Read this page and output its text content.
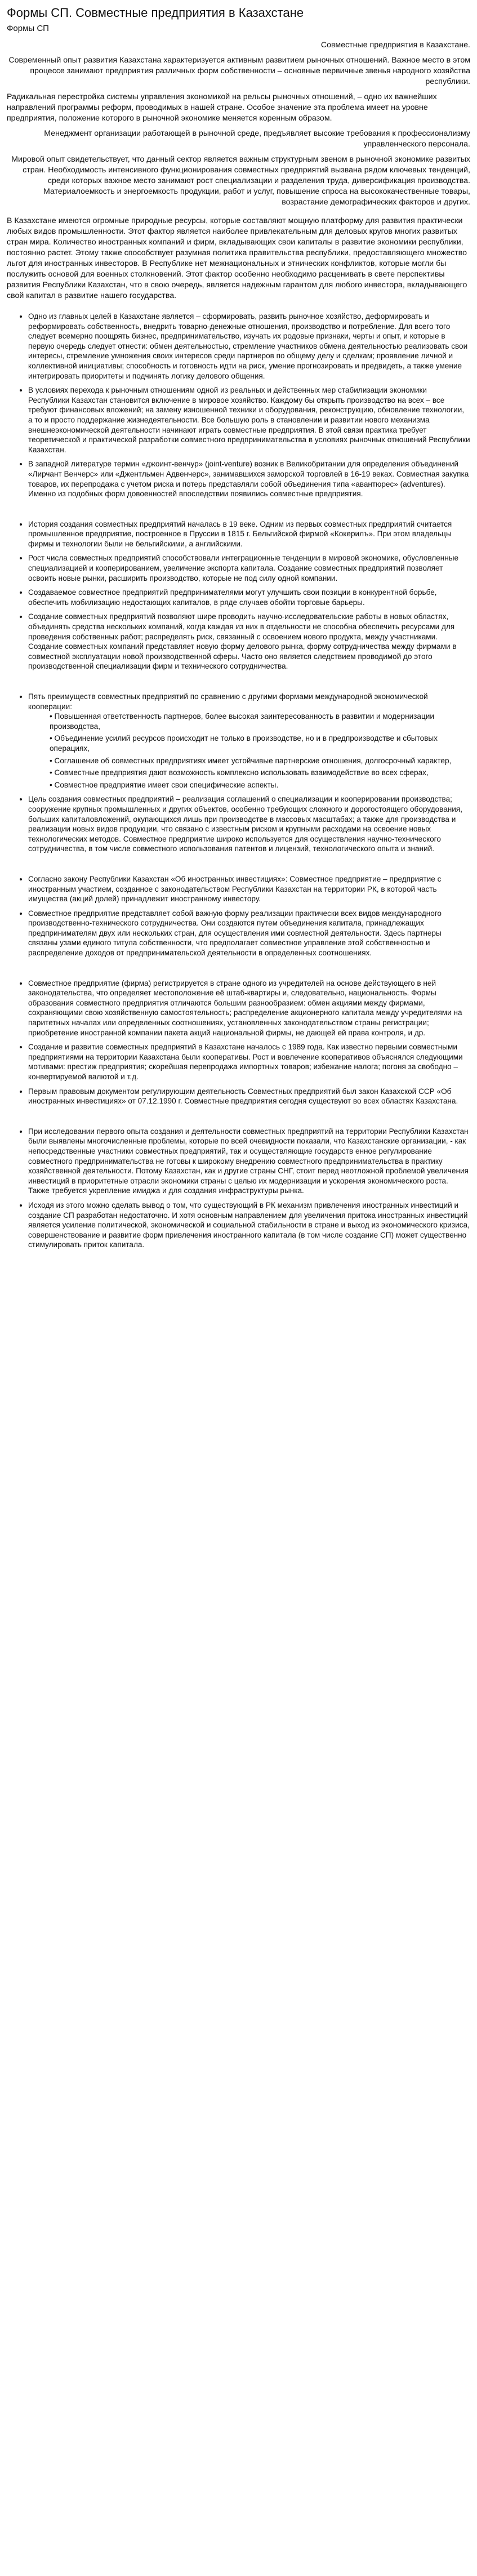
Формы СП. Совместные предприятия в Казахстане
Формы СП

Совместные предприятия в Казахстане.

Современный опыт развития Казахстана характеризуется активным развитием рыночных отношений. Важное место в этом процессе занимают предприятия различных форм собственности – основные первичные звенья народного хозяйства республики.

Радикальная перестройка системы управления экономикой на рельсы рыночных отношений, – одно их важнейших направлений программы реформ, проводимых в нашей стране. Особое значение эта проблема имеет на уровне предприятия, положение которого в рыночной экономике меняется коренным образом.

Менеджмент организации работающей в рыночной среде, предъявляет высокие требования к профессионализму управленческого персонала.

Мировой опыт свидетельствует, что данный сектор является важным структурным звеном в рыночной экономике развитых стран. Необходимость интенсивного функционирования совместных предприятий вызвана рядом ключевых тенденций, среди которых важное место занимают рост специализации и разделения труда, диверсификация производства. Материалоемкость и энергоемкость продукции, работ и услуг, повышение спроса на высококачественные товары, возрастание демографических факторов и других.

В Казахстане имеются огромные природные ресурсы, которые составляют мощную платформу для развития практически любых видов промышленности. Этот фактор является наиболее привлекательным для деловых кругов многих развитых стран мира. Количество иностранных компаний и фирм, вкладывающих свои капиталы в развитие экономики республики, постоянно растет. Этому также способствует разумная политика правительства республики, предоставляющего множество льгот для иностранных инвесторов. В Республике нет межнациональных и этнических конфликтов, которые могли бы послужить основой для военных столкновений. Этот фактор особенно необходимо расценивать в свете перспективы развития Республики Казахстан, что в свою очередь, является надежным гарантом для любого инвестора, вкладывающего свой капитал в развитие нашего государства.
• Одно из главных целей в Казахстане является – сформировать, развить рыночное хозяйство, деформировать и реформировать собственность, внедрить товарно-денежные отношения, производство и потребление. Для всего того следует всемерно поощрять бизнес, предпринимательство, изучать их родовые признаки, черты и опыт, и которые в первую очередь следует отнести: обмен деятельностью, стремление участников обмена деятельностью реализовать свои интересы, стремление умножения своих интересов среди партнеров по общему делу и сделкам; проявление личной и коллективной инициативы; способность и готовность идти на риск, умение прогнозировать и предвидеть, а также умение интегрировать приоритеты и подчинять логику делового общения.
• В условиях перехода к рыночным отношениям одной из реальных и действенных мер стабилизации экономики Республики Казахстан становится включение в мировое хозяйство. Каждому бы открыть производство на всех – все требуют финансовых вложений; на замену изношенной техники и оборудования, реконструкцию, обновление технологии, а то и просто поддержание жизнедеятельности. Все большую роль в становлении и развитии нового механизма внешнеэкономической деятельности начинают играть совместные предприятия. В этой связи практика требует теоретической и практической разработки совместного предпринимательства в условиях рыночных отношений Республики Казахстан.
• В западной литературе термин «джоинт-венчур» (joint-venture) возник в Великобритании для определения объединений «Лирчант Венчерс» или «Джентльмен Адвенчерс», занимавшихся заморской торговлей в 16-19 веках. Совместная закупка товаров, их перепродажа с учетом риска и потерь представляли собой объединения типа «авантюрес» (adventures). Именно из подобных форм довоенностей впоследствии появились совместные предприятия.
• История создания совместных предприятий началась в 19 веке. Одним из первых совместных предприятий считается промышленное предприятие, построенное в Пруссии в 1815 г. Бельгийской фирмой «Кокерилъ». При этом владельцы фирмы и технологии были не бельгийскими, а английскими.
• Рост числа совместных предприятий способствовали интеграционные тенденции в мировой экономике, обусловленные специализацией и кооперированием, увеличение экспорта капитала. Создание совместных предприятий позволяет освоить новые рынки, расширить производство, которые не под силу одной компании.
• Создаваемое совместное предприятий предпринимателями могут улучшить свои позиции в конкурентной борьбе, обеспечить мобилизацию недостающих капиталов, в ряде случаев обойти торговые барьеры.
• Создание совместных предприятий позволяют шире проводить научно-исследовательские работы в новых областях, объединять средства нескольких компаний, когда каждая из них в отдельности не способна обеспечить ресурсами для проведения собственных работ; распределять риск, связанный с освоением нового продукта, между участниками. Создание совместных компаний представляет новую форму делового рынка, форму сотрудничества между фирмами в совместной эксплуатации новой производственной сферы. Часто оно является следствием проводимой до этого производственной специализации фирм и технического сотрудничества.
• Пять преимуществ совместных предприятий по сравнению с другими формами международной экономической кооперации:
• Повышенная ответственность партнеров, более высокая заинтересованность в развитии и модернизации производства,
• Объединение усилий ресурсов происходит не только в производстве, но и в предпроизводстве и сбытовых операциях,
• Соглашение об совместных предприятиях имеет устойчивые партнерские отношения, долгосрочный характер,
• Совместные предприятия дают возможность комплексно использовать взаимодействие во всех сферах,
• Совместное предприятие имеет свои специфические аспекты.
• Цель создания совместных предприятий – реализация соглашений о специализации и кооперировании производства; сооружение крупных промышленных и других объектов, особенно требующих сложного и дорогостоящего оборудования, больших капиталовложений, окупающихся лишь при производстве в массовых масштабах; а также для производства и реализации новых видов продукции, что связано с известным риском и крупными расходами на освоение новых технологических методов. Совместное предприятие широко используется для осуществления научно-технического сотрудничества, в том числе совместного использования патентов и лицензий, технологического опыта и знаний.
• Согласно закону Республики Казахстан «Об иностранных инвестициях»: Совместное предприятие – предприятие с иностранным участием, созданное с законодательством Республики Казахстан на территории РК, в которой часть имущества (акций долей) принадлежит иностранному инвестору.
• Совместное предприятие представляет собой важную форму реализации практически всех видов международного производственно-технического сотрудничества. Они создаются путем объединения капитала, принадлежащих предпринимателям двух или нескольких стран, для осуществления ими совместной деятельности. Здесь партнеры связаны узами единого титула собственности, что предполагает совместное управление этой собственностью и распределение доходов от предпринимательской деятельности в определенных соотношениях.
• Совместное предприятие (фирма) регистрируется в стране одного из учредителей на основе действующего в ней законодательства, что определяет местоположение её штаб-квартиры и, следовательно, национальность. Формы образования совместного предприятия отличаются большим разнообразием: обмен акциями между фирмами, сохраняющими свою хозяйственную самостоятельность; распределение акционерного капитала между учредителями на паритетных началах или определенных соотношениях, установленных законодательством страны регистрации; приобретение иностранной компании пакета акций национальной фирмы, не дающей ей права контроля, и др.
• Создание и развитие совместных предприятий в Казахстане началось с 1989 года. Как известно первыми совместными предприятиями на территории Казахстана были кооперативы. Рост и вовлечение кооперативов объяснялся следующими мотивами: престиж предприятия; скорейшая перепродажа импортных товаров; избежание налога; погоня за свободно – конвертируемой валютой и т.д.
• Первым правовым документом регулирующим деятельность Совместных предприятий был закон Казахской ССР «Об иностранных инвестициях» от 07.12.1990 г. Совместные предприятия сегодня существуют во всех областях Казахстана.
• При исследовании первого опыта создания и деятельности совместных предприятий на территории Республики Казахстан были выявлены многочисленные проблемы, которые по всей очевидности показали, что Казахстанские организации, - как непосредственные участники совместных предприятий, так и осуществляющие государств енное регулирование совместного предпринимательства не готовы к широкому внедрению совместного предпринимательства в практику хозяйственной деятельности. Потому Казахстан, как и другие страны СНГ, стоит перед неотложной проблемой увеличения инвестиций в приоритетные отрасли экономики страны с целью их модернизации и ускорения экономического роста. Также требуется укрепление имиджа и для создания инфраструктуры рынка.
• Исходя из этого можно сделать вывод о том, что существующий в РК механизм привлечения иностранных инвестиций и создание СП разработан недостаточно. И хотя основным направлением для увеличения притока иностранных инвестиций является усиление политической, экономической и социальной стабильности в стране и выход из экономического кризиса, совершенствование и развитие форм привлечения иностранного капитала (в том числе создание СП) может существенно стимулировать приток капитала.
